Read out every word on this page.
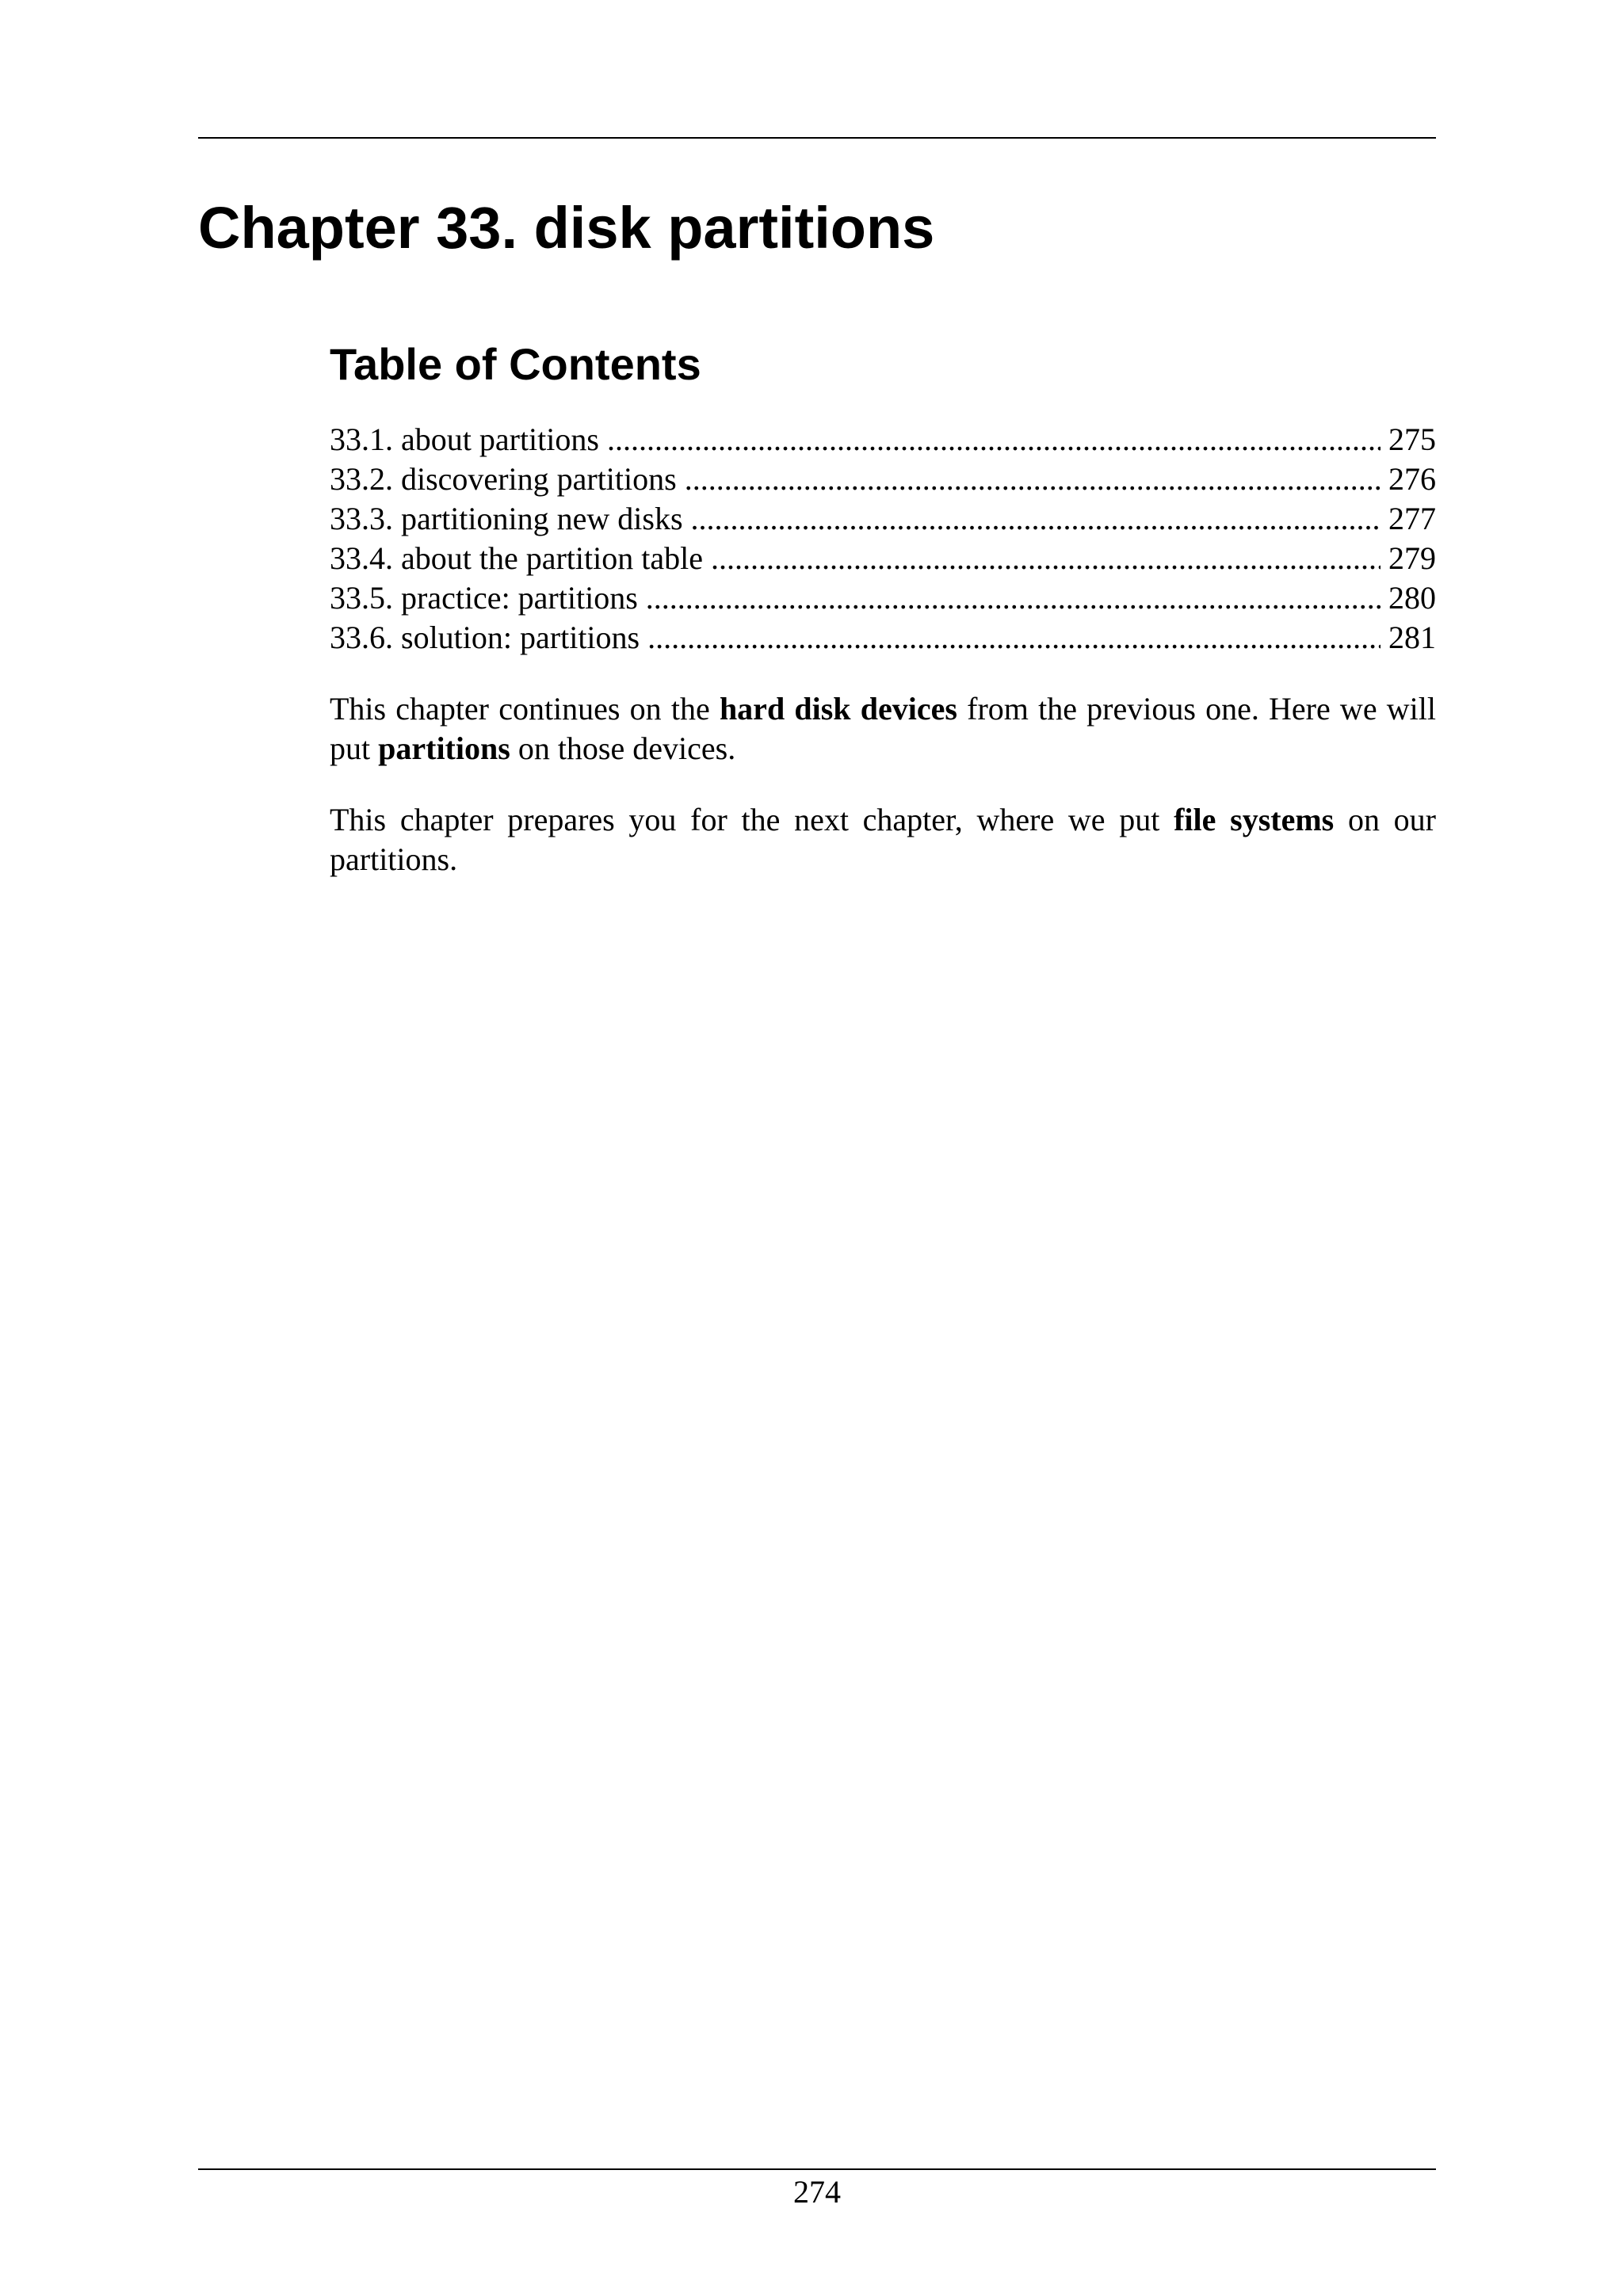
Chapter 33. disk partitions
Table of Contents
33.1. about partitions .....	275
33.2. discovering partitions .....	276
33.3. partitioning new disks .....	277
33.4. about the partition table .....	279
33.5. practice: partitions .....	280
33.6. solution: partitions .....	281

This chapter continues on the hard disk devices from the previous one. Here we will put partitions on those devices.

This chapter prepares you for the next chapter, where we put file systems on our partitions.

274
